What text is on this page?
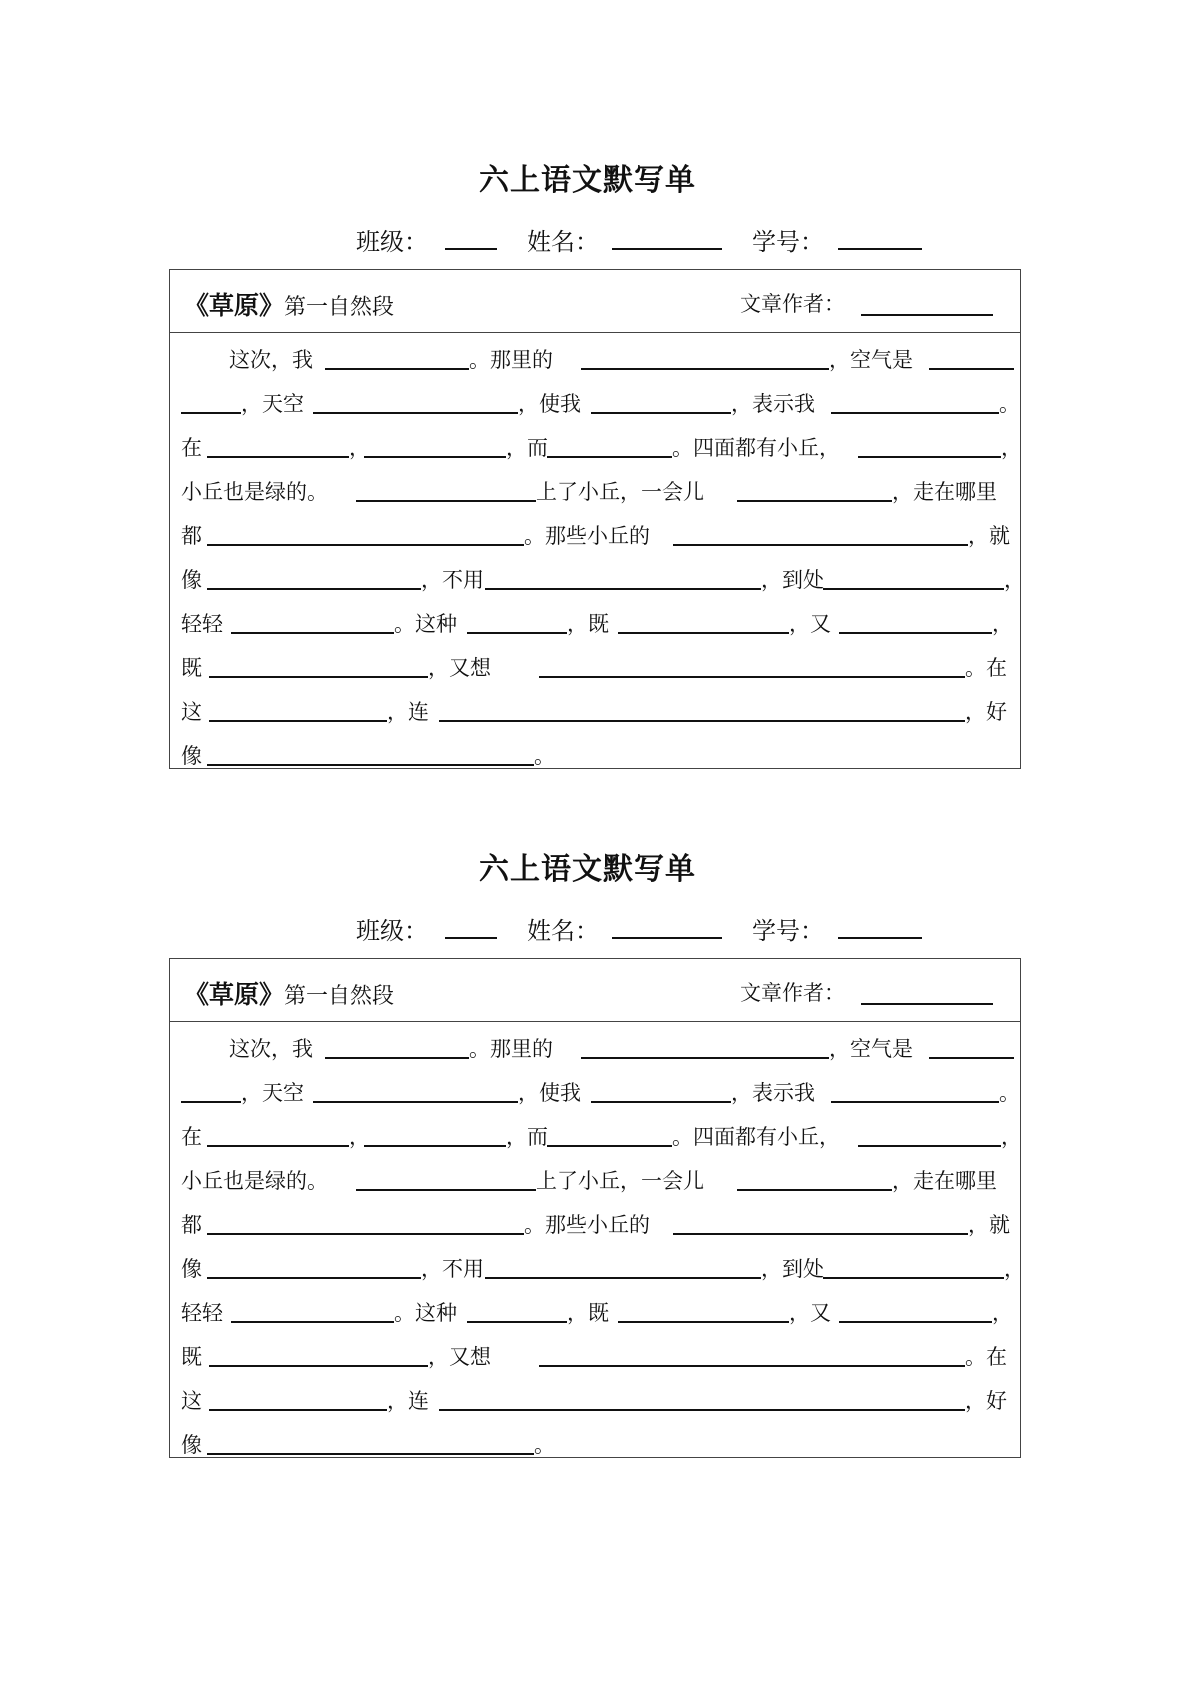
六上语文默写单
班级：	姓名：	学号：
《草原》第一自然段	文章作者：
这次，我	。那里的	，空气是
，天空	，使我	，表示我	。
在	，	，而	。四面都有小丘，	，
小丘也是绿的。	上了小丘，一会儿	，走在哪里
都	。那些小丘的	，就
像	，不用	，到处	，
轻轻	。这种	，既	，又	，
既	，又想	。在
这	，连	，好
像	。
六上语文默写单
班级：	姓名：	学号：
《草原》第一自然段	文章作者：
这次，我	。那里的	，空气是
，天空	，使我	，表示我	。
在	，	，而	。四面都有小丘，	，
小丘也是绿的。	上了小丘，一会儿	，走在哪里
都	。那些小丘的	，就
像	，不用	，到处	，
轻轻	。这种	，既	，又	，
既	，又想	。在
这	，连	，好
像	。
